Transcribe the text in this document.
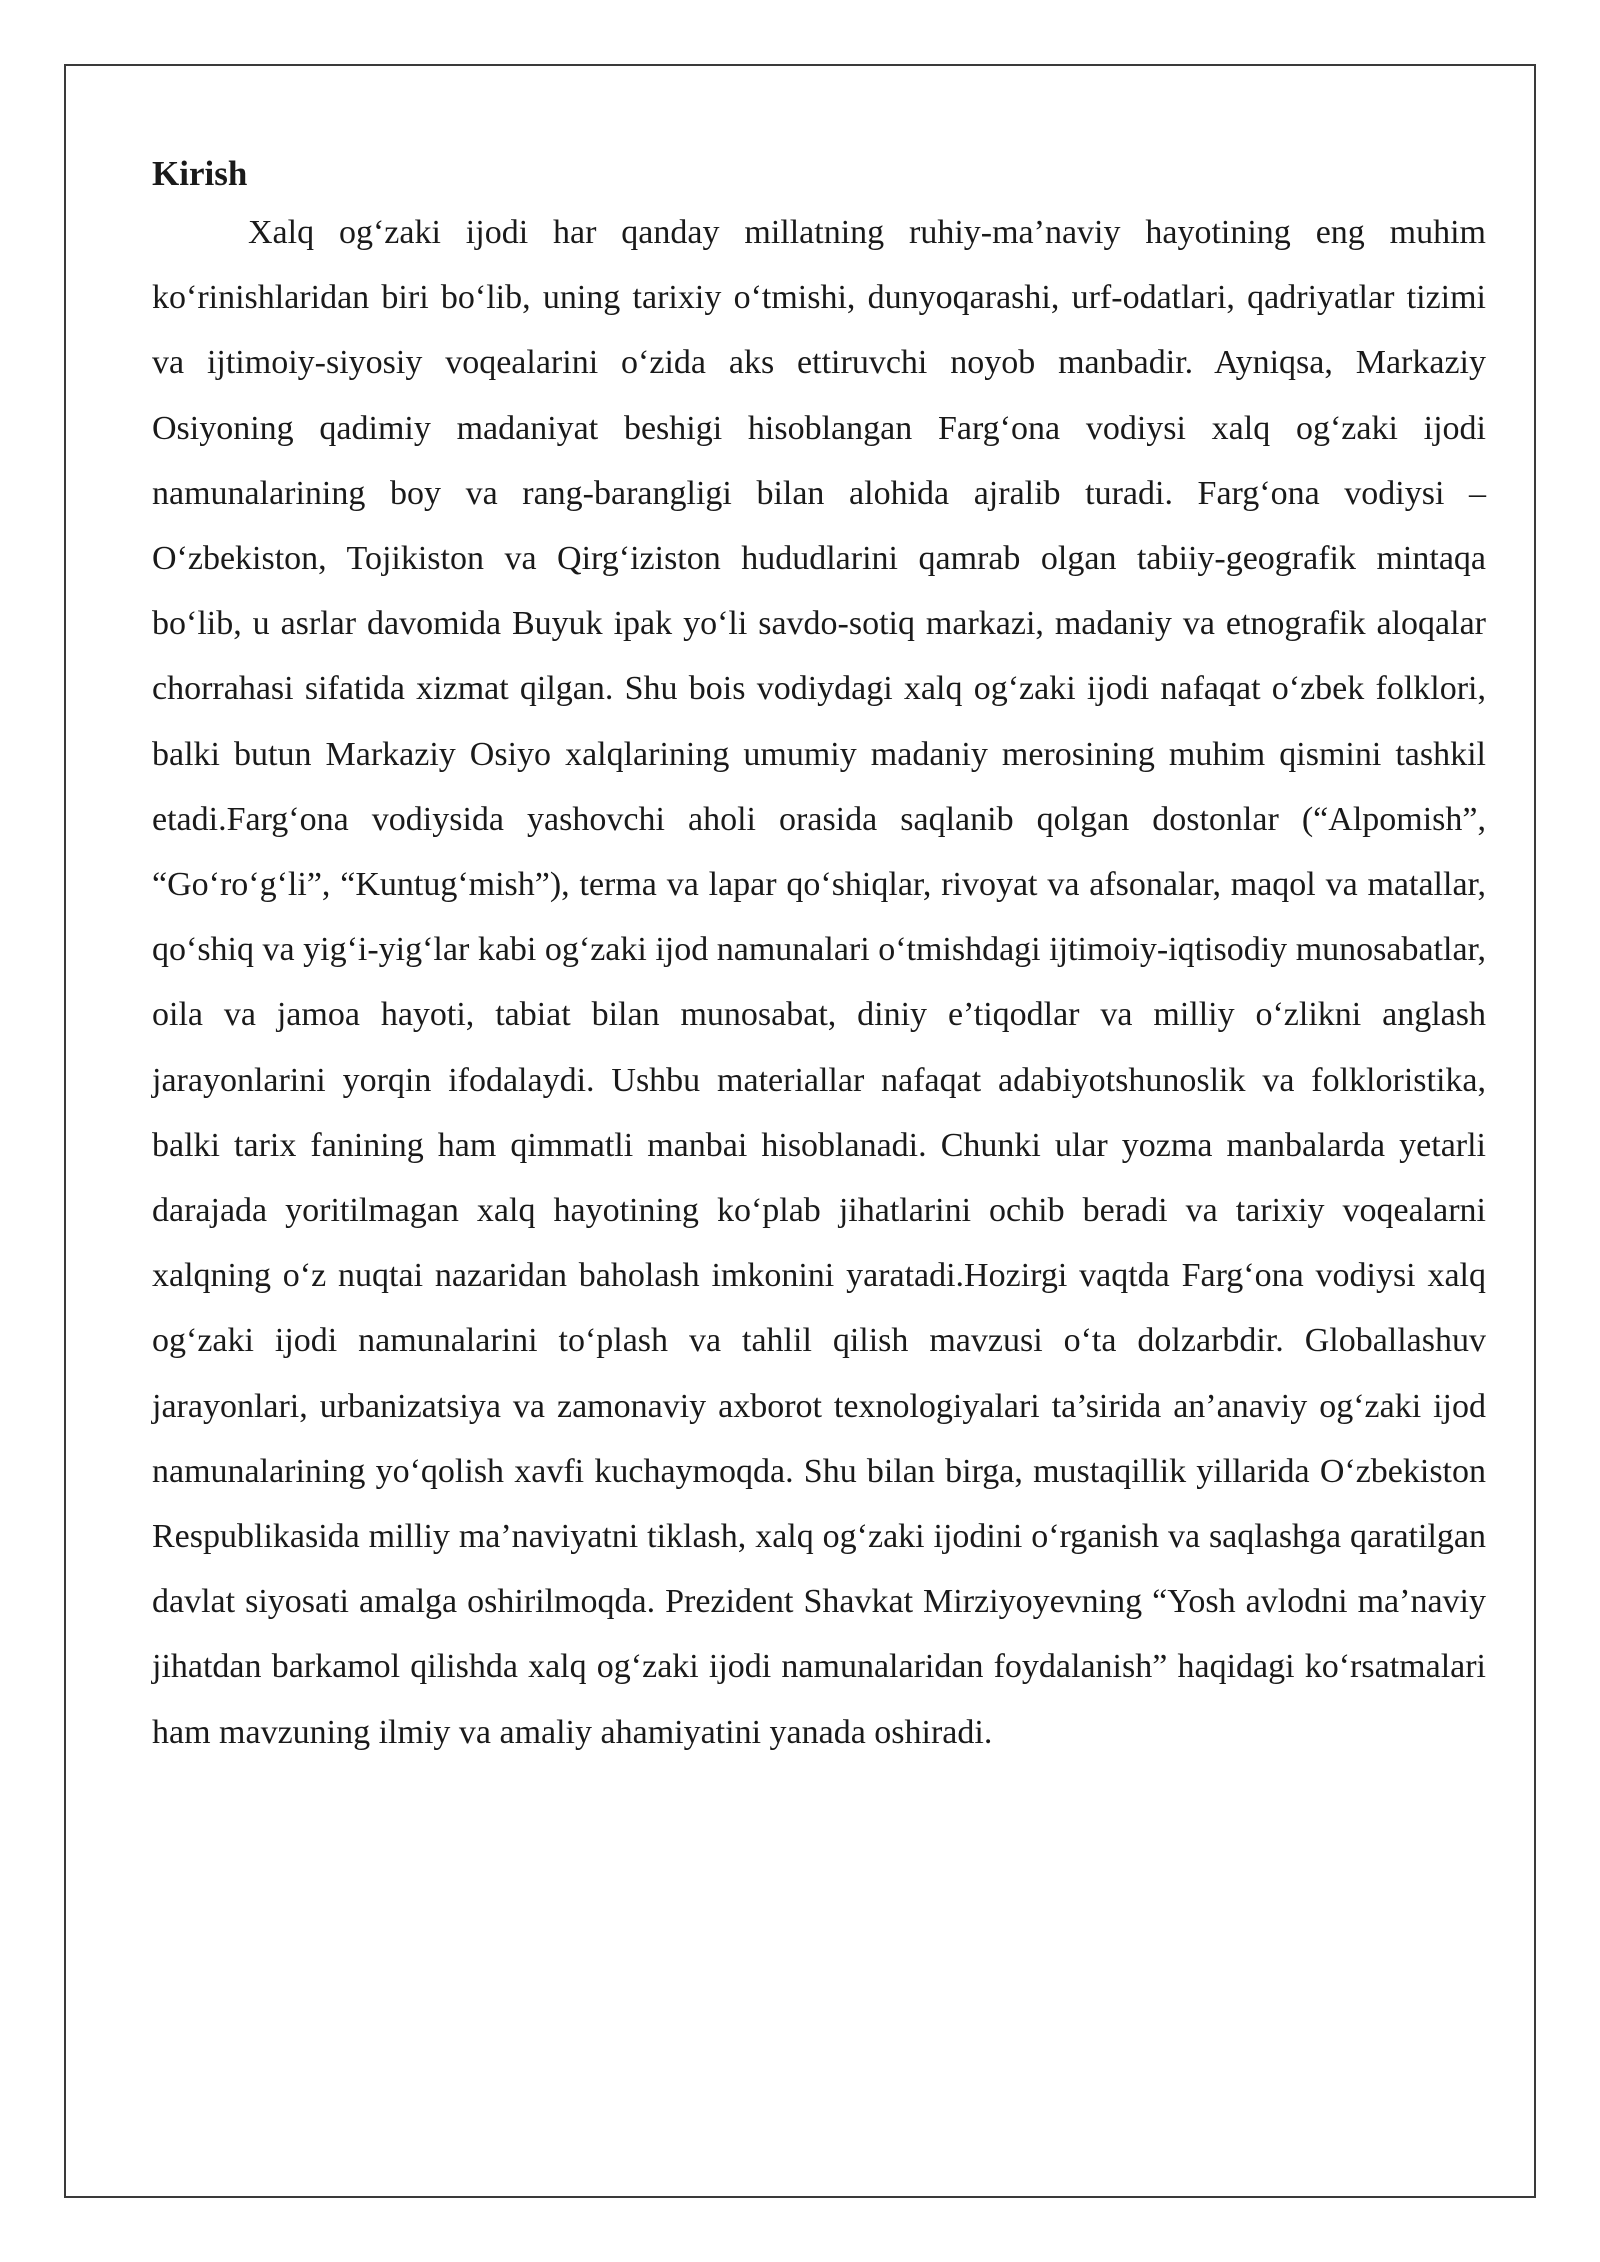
Kirish

Xalq og‘zaki ijodi har qanday millatning ruhiy-ma’naviy hayotining eng muhim ko‘rinishlaridan biri bo‘lib, uning tarixiy o‘tmishi, dunyoqarashi, urf-odatlari, qadriyatlar tizimi va ijtimoiy-siyosiy voqealarini o‘zida aks ettiruvchi noyob manbadir. Ayniqsa, Markaziy Osiyoning qadimiy madaniyat beshigi hisoblangan Farg‘ona vodiysi xalq og‘zaki ijodi namunalarining boy va rang-barangligi bilan alohida ajralib turadi. Farg‘ona vodiysi – O‘zbekiston, Tojikiston va Qirg‘iziston hududlarini qamrab olgan tabiiy-geografik mintaqa bo‘lib, u asrlar davomida Buyuk ipak yo‘li savdo-sotiq markazi, madaniy va etnografik aloqalar chorrahasi sifatida xizmat qilgan. Shu bois vodiydagi xalq og‘zaki ijodi nafaqat o‘zbek folklori, balki butun Markaziy Osiyo xalqlarining umumiy madaniy merosining muhim qismini tashkil etadi.Farg‘ona vodiysida yashovchi aholi orasida saqlanib qolgan dostonlar (“Alpomish”, “Go‘ro‘g‘li”, “Kuntug‘mish”), terma va lapar qo‘shiqlar, rivoyat va afsonalar, maqol va matallar, qo‘shiq va yig‘i-yig‘lar kabi og‘zaki ijod namunalari o‘tmishdagi ijtimoiy-iqtisodiy munosabatlar, oila va jamoa hayoti, tabiat bilan munosabat, diniy e’tiqodlar va milliy o‘zlikni anglash jarayonlarini yorqin ifodalaydi. Ushbu materiallar nafaqat adabiyotshunoslik va folkloristika, balki tarix fanining ham qimmatli manbai hisoblanadi. Chunki ular yozma manbalarda yetarli darajada yoritilmagan xalq hayotining ko‘plab jihatlarini ochib beradi va tarixiy voqealarni xalqning o‘z nuqtai nazaridan baholash imkonini yaratadi.Hozirgi vaqtda Farg‘ona vodiysi xalq og‘zaki ijodi namunalarini to‘plash va tahlil qilish mavzusi o‘ta dolzarbdir. Globallashuv jarayonlari, urbanizatsiya va zamonaviy axborot texnologiyalari ta’sirida an’anaviy og‘zaki ijod namunalarining yo‘qolish xavfi kuchaymoqda. Shu bilan birga, mustaqillik yillarida O‘zbekiston Respublikasida milliy ma’naviyatni tiklash, xalq og‘zaki ijodini o‘rganish va saqlashga qaratilgan davlat siyosati amalga oshirilmoqda. Prezident Shavkat Mirziyoyevning “Yosh avlodni ma’naviy jihatdan barkamol qilishda xalq og‘zaki ijodi namunalaridan foydalanish” haqidagi ko‘rsatmalari ham mavzuning ilmiy va amaliy ahamiyatini yanada oshiradi.
